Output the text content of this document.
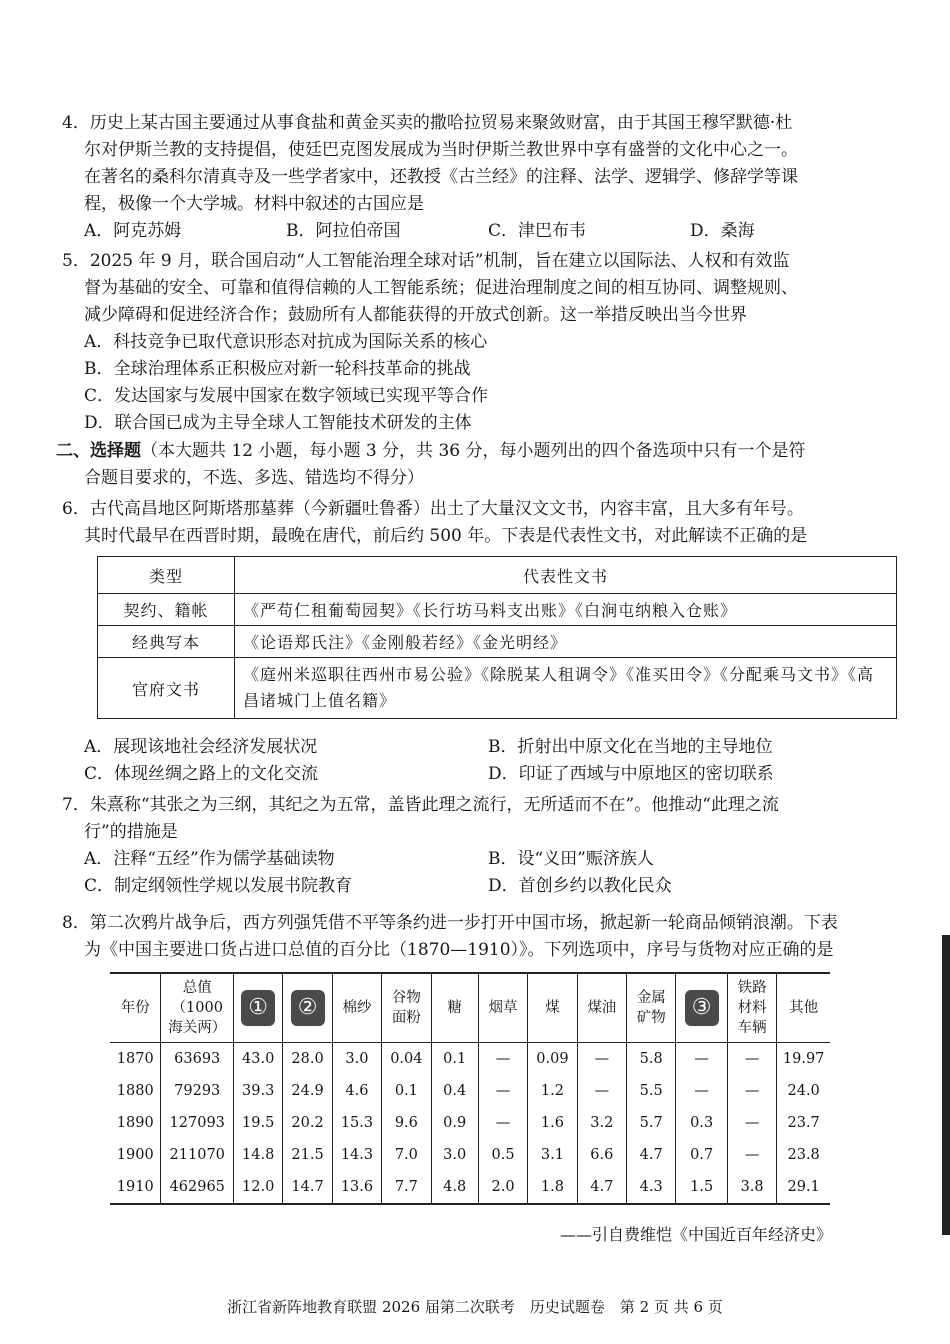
4．历史上某古国主要通过从事食盐和黄金买卖的撒哈拉贸易来聚敛财富，由于其国王穆罕默德·杜

尔对伊斯兰教的支持提倡，使廷巴克图发展成为当时伊斯兰教世界中享有盛誉的文化中心之一。

在著名的桑科尔清真寺及一些学者家中，还教授《古兰经》的注释、法学、逻辑学、修辞学等课

程，极像一个大学城。材料中叙述的古国应是

A．阿克苏姆	B．阿拉伯帝国	C．津巴布韦	D．桑海

5．2025 年 9 月，联合国启动“人工智能治理全球对话”机制，旨在建立以国际法、人权和有效监

督为基础的安全、可靠和值得信赖的人工智能系统；促进治理制度之间的相互协同、调整规则、

减少障碍和促进经济合作；鼓励所有人都能获得的开放式创新。这一举措反映出当今世界

A．科技竞争已取代意识形态对抗成为国际关系的核心

B．全球治理体系正积极应对新一轮科技革命的挑战

C．发达国家与发展中国家在数字领域已实现平等合作

D．联合国已成为主导全球人工智能技术研发的主体

二、选择题（本大题共 12 小题，每小题 3 分，共 36 分，每小题列出的四个备选项中只有一个是符

合题目要求的，不选、多选、错选均不得分）

6．古代高昌地区阿斯塔那墓葬（今新疆吐鲁番）出土了大量汉文文书，内容丰富，且大多有年号。

其时代最早在西晋时期，最晚在唐代，前后约 500 年。下表是代表性文书，对此解读不正确的是

类型	代表性文书
契约、籍帐	《严苟仁租葡萄园契》《长行坊马料支出账》《白涧屯纳粮入仓账》
经典写本	《论语郑氏注》《金刚般若经》《金光明经》
官府文书	《庭州米巡职往西州市易公验》《除脱某人租调令》《准买田令》《分配乘马文书》《高昌诸城门上值名籍》
A．展现该地社会经济发展状况	B．折射出中原文化在当地的主导地位
C．体现丝绸之路上的文化交流	D．印证了西域与中原地区的密切联系

7．朱熹称“其张之为三纲，其纪之为五常，盖皆此理之流行，无所适而不在”。他推动“此理之流

行”的措施是

A．注释“五经”作为儒学基础读物	B．设“义田”赈济族人
C．制定纲领性学规以发展书院教育	D．首创乡约以教化民众

8．第二次鸦片战争后，西方列强凭借不平等条约进一步打开中国市场，掀起新一轮商品倾销浪潮。下表

为《中国主要进口货占进口总值的百分比（1870—1910）》。下列选项中，序号与货物对应正确的是

年份	总值（1000海关两）	①	②	棉纱	谷物面粉	糖	烟草	煤	煤油	金属矿物	③	铁路材料车辆	其他
1870	63693	43.0	28.0	3.0	0.04	0.1	—	0.09	—	5.8	—	—	19.97
1880	79293	39.3	24.9	4.6	0.1	0.4	—	1.2	—	5.5	—	—	24.0
1890	127093	19.5	20.2	15.3	9.6	0.9	—	1.6	3.2	5.7	0.3	—	23.7
1900	211070	14.8	21.5	14.3	7.0	3.0	0.5	3.1	6.6	4.7	0.7	—	23.8
1910	462965	12.0	14.7	13.6	7.7	4.8	2.0	1.8	4.7	4.3	1.5	3.8	29.1
——引自费维恺《中国近百年经济史》
浙江省新阵地教育联盟 2026 届第二次联考　历史试题卷　第 2 页 共 6 页
